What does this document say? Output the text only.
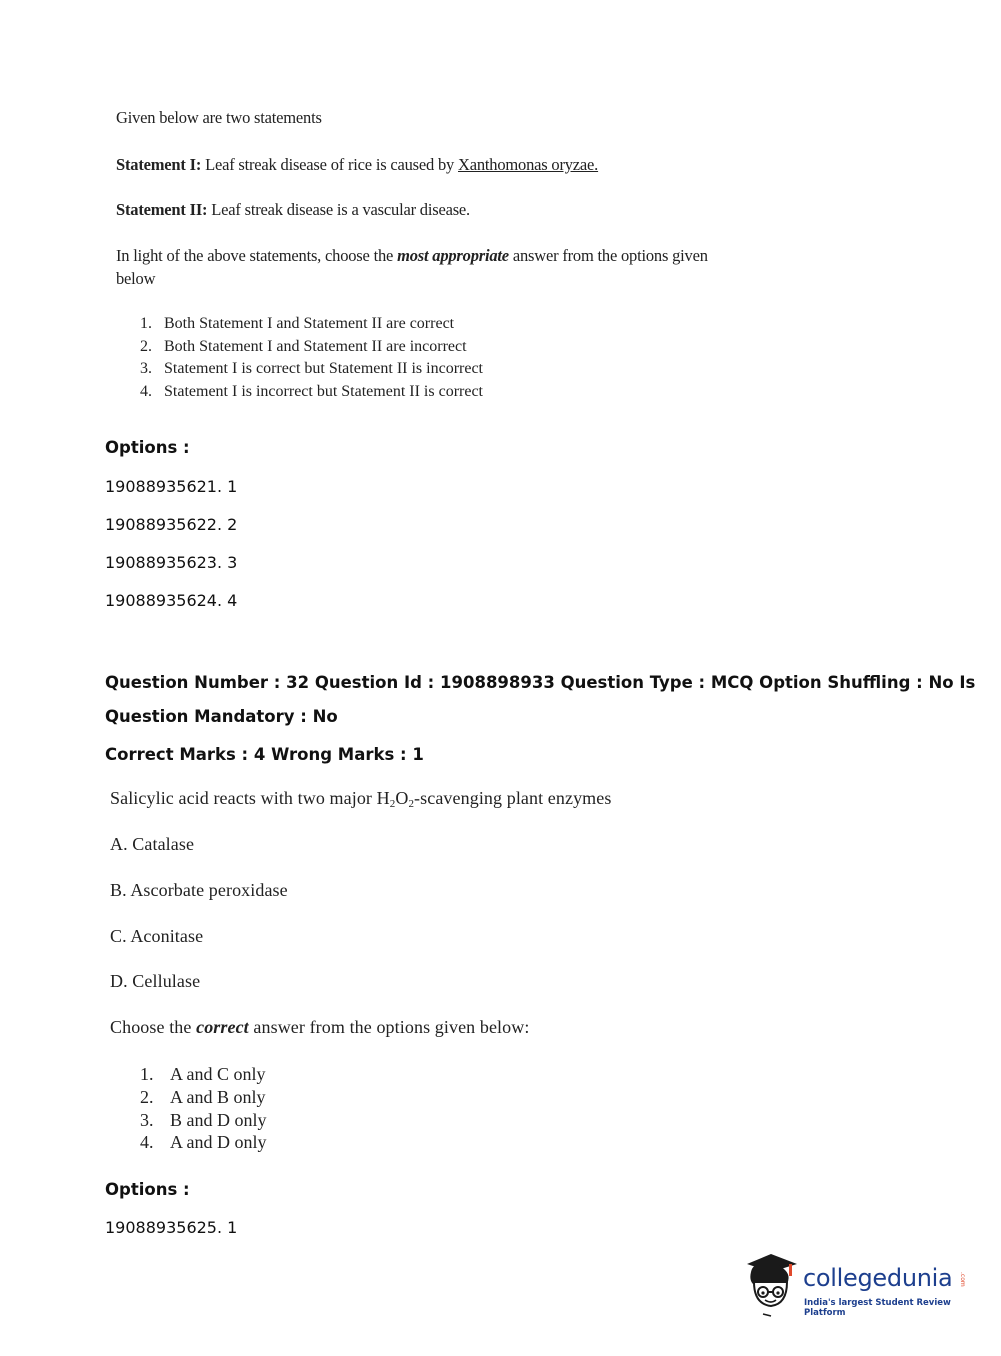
Given below are two statements
Statement I: Leaf streak disease of rice is caused by Xanthomonas oryzae.
Statement II: Leaf streak disease is a vascular disease.
In light of the above statements, choose the most appropriate answer from the options given
below
1. Both Statement I and Statement II are correct
2. Both Statement I and Statement II are incorrect
3. Statement I is correct but Statement II is incorrect
4. Statement I is incorrect but Statement II is correct
Options :
19088935621. 1
19088935622. 2
19088935623. 3
19088935624. 4
Question Number : 32 Question Id : 1908898933 Question Type : MCQ Option Shuffling : No Is
Question Mandatory : No
Correct Marks : 4 Wrong Marks : 1
Salicylic acid reacts with two major $H_2O_2$-scavenging plant enzymes
A. Catalase
B. Ascorbate peroxidase
C. Aconitase
D. Cellulase
Choose the correct answer from the options given below:
1. A and C only
2. A and B only
3. B and D only
4. A and D only
Options :
19088935625. 1
collegedunia .com
India's largest Student Review Platform
